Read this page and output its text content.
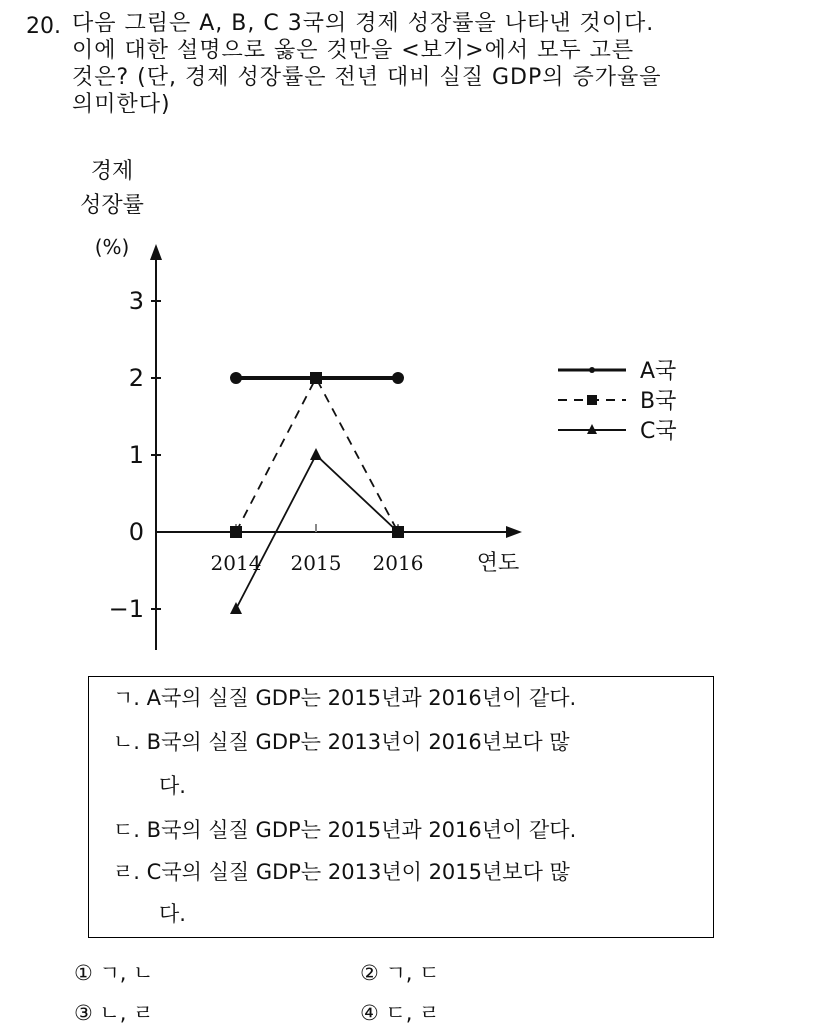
20. 다음 그림은 A, B, C 3국의 경제 성장률을 나타낸 것이다.
이에 대한 설명으로 옳은 것만을 <보기>에서 모두 고른
것은? (단, 경제 성장률은 전년 대비 실질 GDP의 증가율을
의미한다)
경제
성장률
(%)
3
2
1
0
−1
2014 2015 2016 연도
A국
B국
C국
ㄱ. A국의 실질 GDP는 2015년과 2016년이 같다.
ㄴ. B국의 실질 GDP는 2013년이 2016년보다 많
다.
ㄷ. B국의 실질 GDP는 2015년과 2016년이 같다.
ㄹ. C국의 실질 GDP는 2013년이 2015년보다 많
다.
① ㄱ, ㄴ	② ㄱ, ㄷ
③ ㄴ, ㄹ	④ ㄷ, ㄹ
